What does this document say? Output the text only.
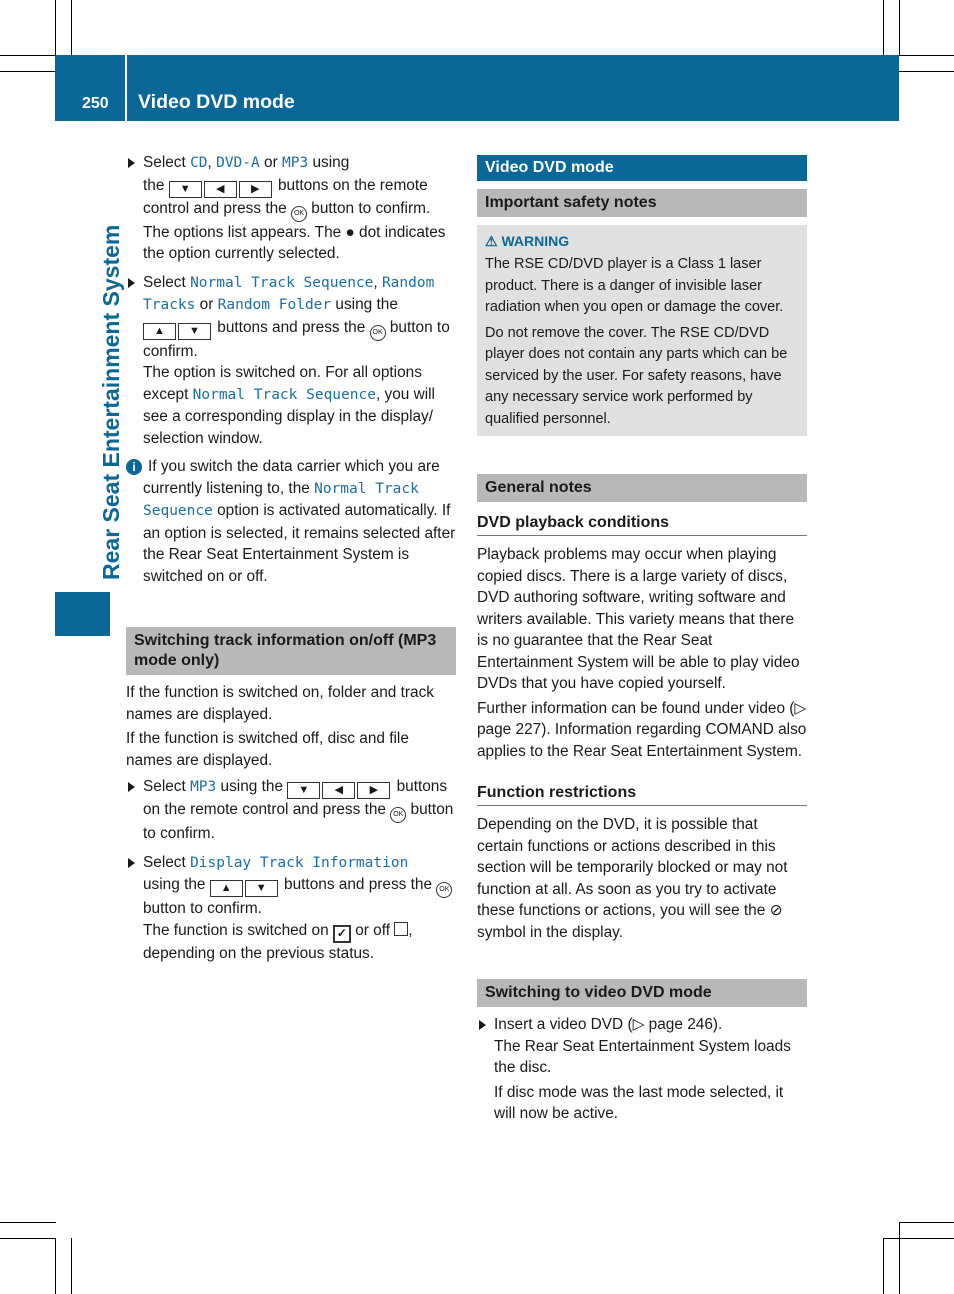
250 Video DVD mode
Rear Seat Entertainment System

Select CD, DVD-A or MP3 using
the ▼ ◀ ▶ buttons on the remote control and press the OK button to confirm.

The options list appears. The ● dot indicates the option currently selected.

Select Normal Track Sequence, Random Tracks or Random Folder using the
▲ ▼ buttons and press the OK button to confirm.

The option is switched on. For all options except Normal Track Sequence, you will see a corresponding display in the display/ selection window.

i If you switch the data carrier which you are currently listening to, the Normal Track Sequence option is activated automatically. If an option is selected, it remains selected after the Rear Seat Entertainment System is switched on or off.

Switching track information on/off (MP3 mode only)

If the function is switched on, folder and track names are displayed.

If the function is switched off, disc and file names are displayed.

Select MP3 using the ▼ ◀ ▶ buttons on the remote control and press the OK button to confirm.

Select Display Track Information
using the ▲ ▼ buttons and press the OK button to confirm.

The function is switched on ✓ or off , depending on the previous status.

Video DVD mode
Important safety notes
⚠ WARNING

The RSE CD/DVD player is a Class 1 laser product. There is a danger of invisible laser radiation when you open or damage the cover.

Do not remove the cover. The RSE CD/DVD player does not contain any parts which can be serviced by the user. For safety reasons, have any necessary service work performed by qualified personnel.

General notes
DVD playback conditions

Playback problems may occur when playing copied discs. There is a large variety of discs, DVD authoring software, writing software and writers available. This variety means that there is no guarantee that the Rear Seat Entertainment System will be able to play video DVDs that you have copied yourself.

Further information can be found under video (▷ page 227). Information regarding COMAND also applies to the Rear Seat Entertainment System.

Function restrictions

Depending on the DVD, it is possible that certain functions or actions described in this section will be temporarily blocked or may not function at all. As soon as you try to activate these functions or actions, you will see the ⊘ symbol in the display.

Switching to video DVD mode

Insert a video DVD (▷ page 246).

The Rear Seat Entertainment System loads the disc.

If disc mode was the last mode selected, it will now be active.
